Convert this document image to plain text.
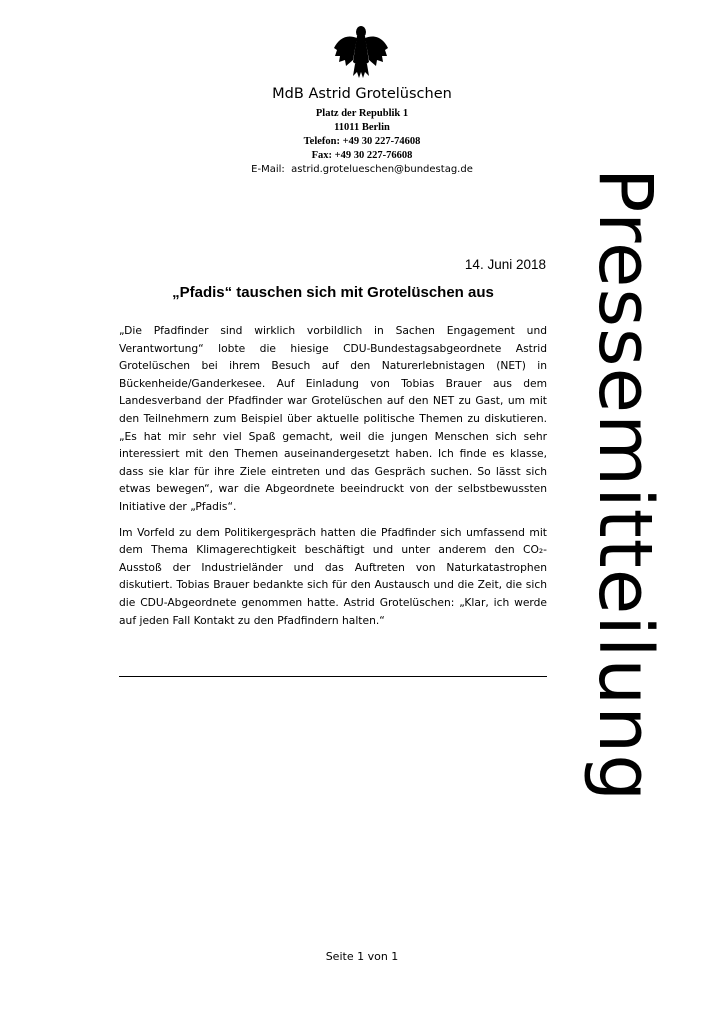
MdB Astrid Grotelüschen
Platz der Republik 1
11011 Berlin
Telefon: +49 30 227-74608
Fax: +49 30 227-76608
E-Mail: astrid.grotelueschen@bundestag.de	Pressemitteilung
14. Juni 2018
„Pfadis“ tauschen sich mit Grotelüschen aus

„Die Pfadfinder sind wirklich vorbildlich in Sachen Engagement und Verantwortung“ lobte die hiesige CDU-Bundestagsabgeordnete Astrid Grotelüschen bei ihrem Besuch auf den Naturerlebnistagen (NET) in Bückenheide/Ganderkesee. Auf Einladung von Tobias Brauer aus dem Landesverband der Pfadfinder war Grotelüschen auf den NET zu Gast, um mit den Teilnehmern zum Beispiel über aktuelle politische Themen zu diskutieren. „Es hat mir sehr viel Spaß gemacht, weil die jungen Menschen sich sehr interessiert mit den Themen auseinandergesetzt haben. Ich finde es klasse, dass sie klar für ihre Ziele eintreten und das Gespräch suchen. So lässt sich etwas bewegen“, war die Abgeordnete beeindruckt von der selbstbewussten Initiative der „Pfadis“.

Im Vorfeld zu dem Politikergespräch hatten die Pfadfinder sich umfassend mit dem Thema Klimagerechtigkeit beschäftigt und unter anderem den CO₂-Ausstoß der Industrieländer und das Auftreten von Naturkatastrophen diskutiert. Tobias Brauer bedankte sich für den Austausch und die Zeit, die sich die CDU-Abgeordnete genommen hatte. Astrid Grotelüschen: „Klar, ich werde auf jeden Fall Kontakt zu den Pfadfindern halten.“

Seite 1 von 1
